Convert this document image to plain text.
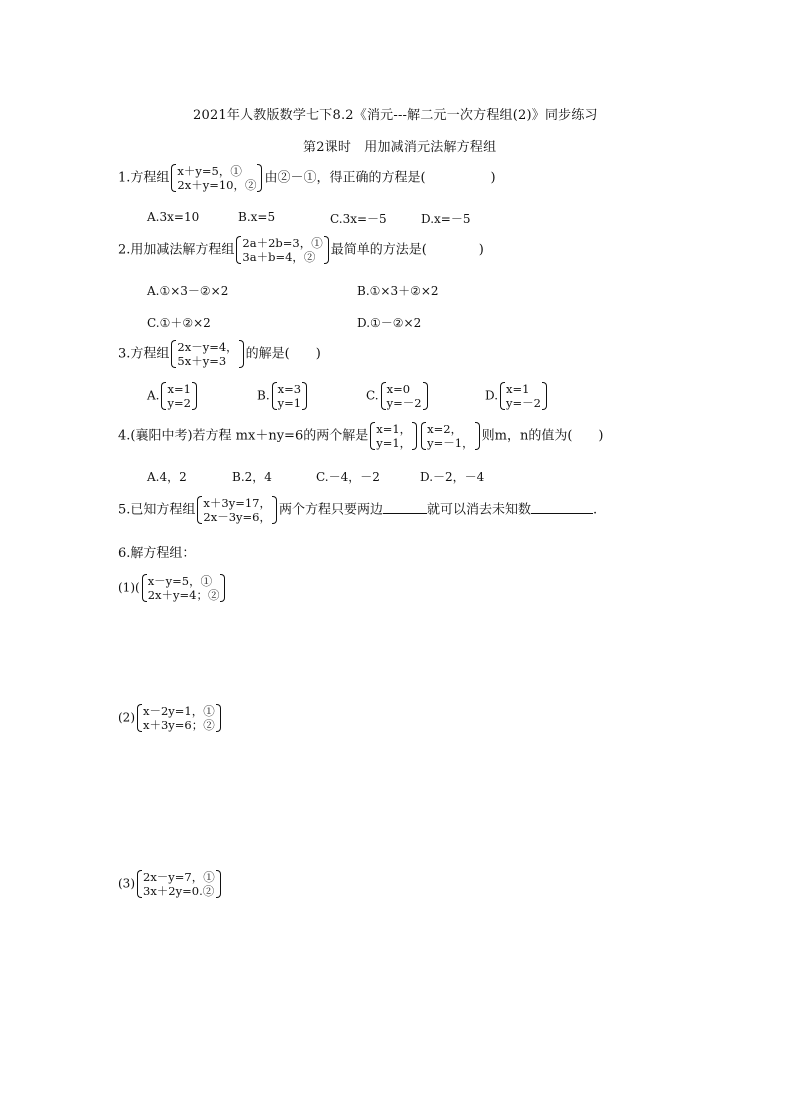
2021年人教版数学七下8.2《消元---解二元一次方程组(2)》同步练习
第2课时　用加减消元法解方程组
1.方程组 x＋y=5，①
2x＋y=10，② 由②－①，得正确的方程是(　　　　　)
A.3x=10	B.x=5	C.3x=－5	D.x=－5
2.用加减法解方程组 2a＋2b=3，①
3a＋b=4，②	最简单的方法是(　　　　)
A.①×3－②×2	B.①×3＋②×2
C.①＋②×2	D.①－②×2
3.方程组 2x－y=4，
5x＋y=3	的解是(　　)
A. x=1
y=2
B. x=3
y=1
C. x=0
y=－2
D. x=1
y=－2
4.(襄阳中考)若方程 mx＋ny=6的两个解是 x=1，
y=1，
x=2，
y=－1， 则m，n的值为(　　)
A.4，2	B.2，4	C.－4，－2	D.－2，－4
5.已知方程组 x＋3y=17，
2x－3y=6， 两个方程只要两边	就可以消去未知数	.
6.解方程组：
(1)( x－y=5，①
2x＋y=4；②
(2) x－2y=1，①
x＋3y=6；②
(3) 2x－y=7，①
3x＋2y=0.②
